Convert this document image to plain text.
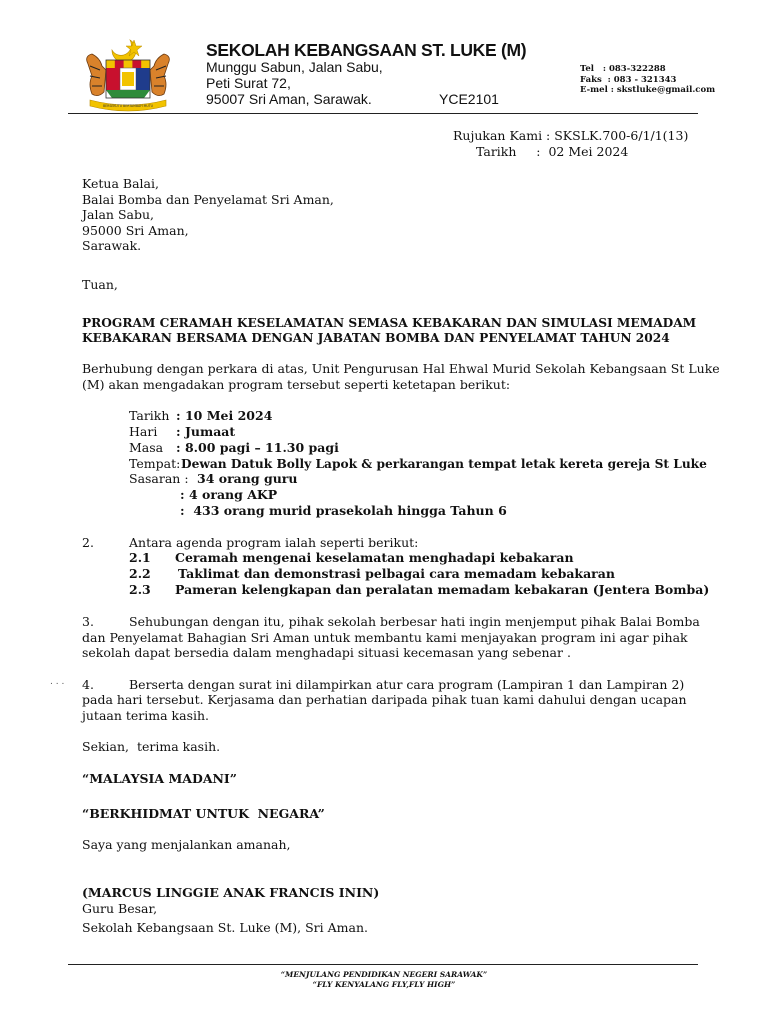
BERSEKUTU BERTAMBAH MUTU
SEKOLAH KEBANGSAAN ST. LUKE (M)
Munggu Sabun, Jalan Sabu,
Peti Surat 72,
95007 Sri Aman, Sarawak.	YCE2101
Tel   : 083-322288
Faks  : 083 - 321343
E-mel : skstluke@gmail.com
Rujukan Kami : SKSLK.700-6/1/1(13)
Tarikh     :  02 Mei 2024
Ketua Balai,
Balai Bomba dan Penyelamat Sri Aman,
Jalan Sabu,
95000 Sri Aman,
Sarawak.
Tuan,
PROGRAM CERAMAH KESELAMATAN SEMASA KEBAKARAN DAN SIMULASI MEMADAM
KEBAKARAN BERSAMA DENGAN JABATAN BOMBA DAN PENYELAMAT TAHUN 2024
Berhubung dengan perkara di atas, Unit Pengurusan Hal Ehwal Murid Sekolah Kebangsaan St Luke
(M) akan mengadakan program tersebut seperti ketetapan berikut:
Tarikh : 10 Mei 2024
Hari : Jumaat
Masa : 8.00 pagi – 11.30 pagi
Tempat: Dewan Datuk Bolly Lapok & perkarangan tempat letak kereta gereja St Luke
Sasaran : 34 orang guru
: 4 orang AKP
:  433 orang murid prasekolah hingga Tahun 6
2.	Antara agenda program ialah seperti berikut:
2.1 Ceramah mengenai keselamatan menghadapi kebakaran
2.2 Taklimat dan demonstrasi pelbagai cara memadam kebakaran
2.3 Pameran kelengkapan dan peralatan memadam kebakaran (Jentera Bomba)
3.	Sehubungan dengan itu, pihak sekolah berbesar hati ingin menjemput pihak Balai Bomba
dan Penyelamat Bahagian Sri Aman untuk membantu kami menjayakan program ini agar pihak
sekolah dapat bersedia dalam menghadapi situasi kecemasan yang sebenar .
. . . 4.	Berserta dengan surat ini dilampirkan atur cara program (Lampiran 1 dan Lampiran 2)
pada hari tersebut. Kerjasama dan perhatian daripada pihak tuan kami dahului dengan ucapan
jutaan terima kasih.
Sekian,  terima kasih.
“MALAYSIA MADANI”
“BERKHIDMAT UNTUK  NEGARA”
Saya yang menjalankan amanah,
(MARCUS LINGGIE ANAK FRANCIS ININ)
Guru Besar,
Sekolah Kebangsaan St. Luke (M), Sri Aman.
“MENJULANG PENDIDIKAN NEGERI SARAWAK”
“FLY KENYALANG FLY,FLY HIGH”
